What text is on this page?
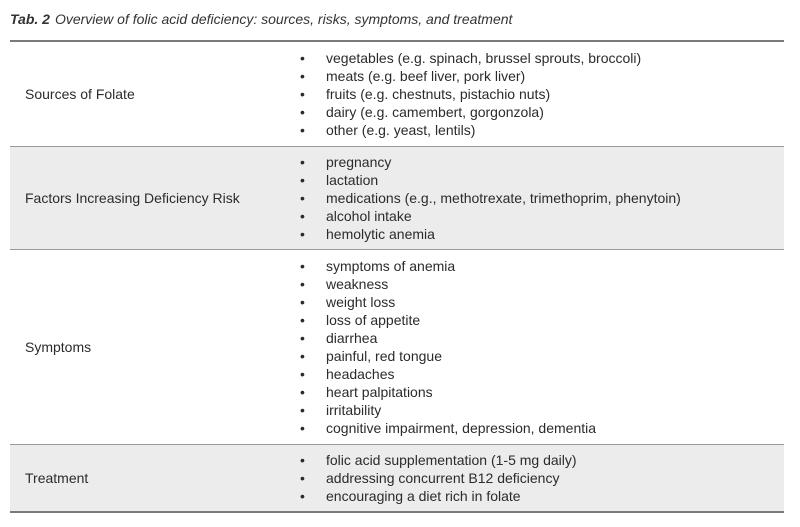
Tab. 2 Overview of folic acid deficiency: sources, risks, symptoms, and treatment
Sources of Folate
• vegetables (e.g. spinach, brussel sprouts, broccoli)
• meats (e.g. beef liver, pork liver)
• fruits (e.g. chestnuts, pistachio nuts)
• dairy (e.g. camembert, gorgonzola)
• other (e.g. yeast, lentils)
Factors Increasing Deficiency Risk
• pregnancy
• lactation
• medications (e.g., methotrexate, trimethoprim, phenytoin)
• alcohol intake
• hemolytic anemia
Symptoms
• symptoms of anemia
• weakness
• weight loss
• loss of appetite
• diarrhea
• painful, red tongue
• headaches
• heart palpitations
• irritability
• cognitive impairment, depression, dementia
Treatment
• folic acid supplementation (1-5 mg daily)
• addressing concurrent B12 deficiency
• encouraging a diet rich in folate
